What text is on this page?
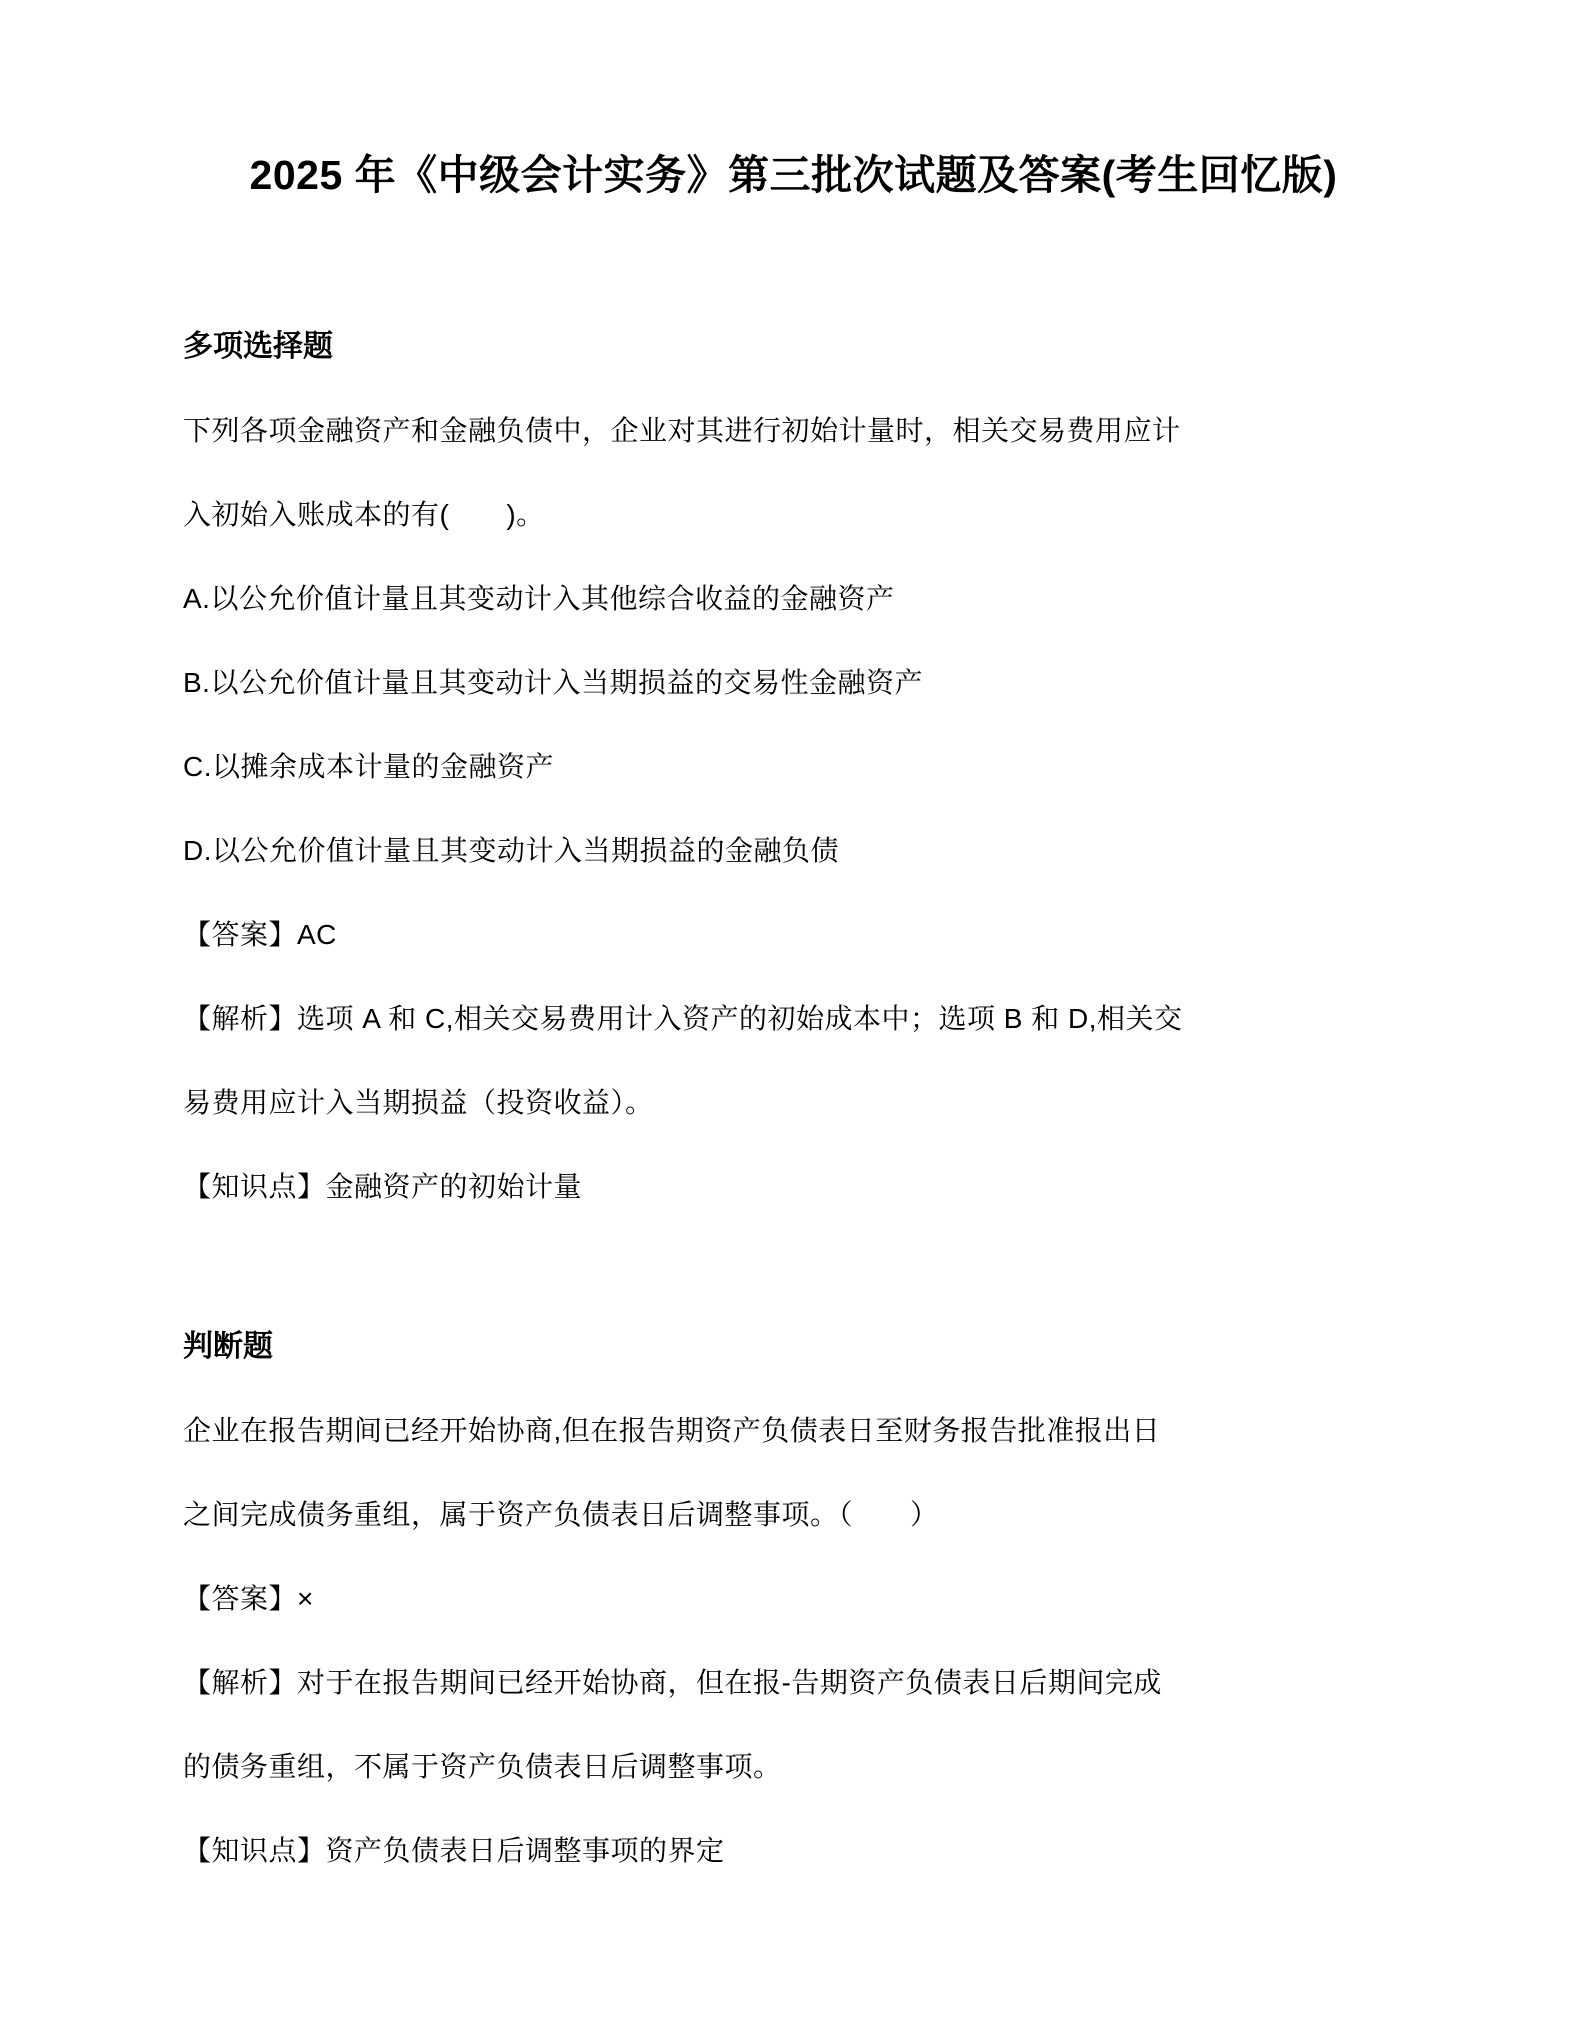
2025 年《中级会计实务》第三批次试题及答案(考生回忆版)
多项选择题
下列各项金融资产和金融负债中，企业对其进行初始计量时，相关交易费用应计
入初始入账成本的有(　　)。
A.以公允价值计量且其变动计入其他综合收益的金融资产
B.以公允价值计量且其变动计入当期损益的交易性金融资产
C.以摊余成本计量的金融资产
D.以公允价值计量且其变动计入当期损益的金融负债
【答案】AC
【解析】选项 A 和 C,相关交易费用计入资产的初始成本中；选项 B 和 D,相关交
易费用应计入当期损益（投资收益）。
【知识点】金融资产的初始计量
判断题
企业在报告期间已经开始协商,但在报告期资产负债表日至财务报告批准报出日
之间完成债务重组，属于资产负债表日后调整事项。（　　）
【答案】×
【解析】对于在报告期间已经开始协商，但在报-告期资产负债表日后期间完成
的债务重组，不属于资产负债表日后调整事项。
【知识点】资产负债表日后调整事项的界定
